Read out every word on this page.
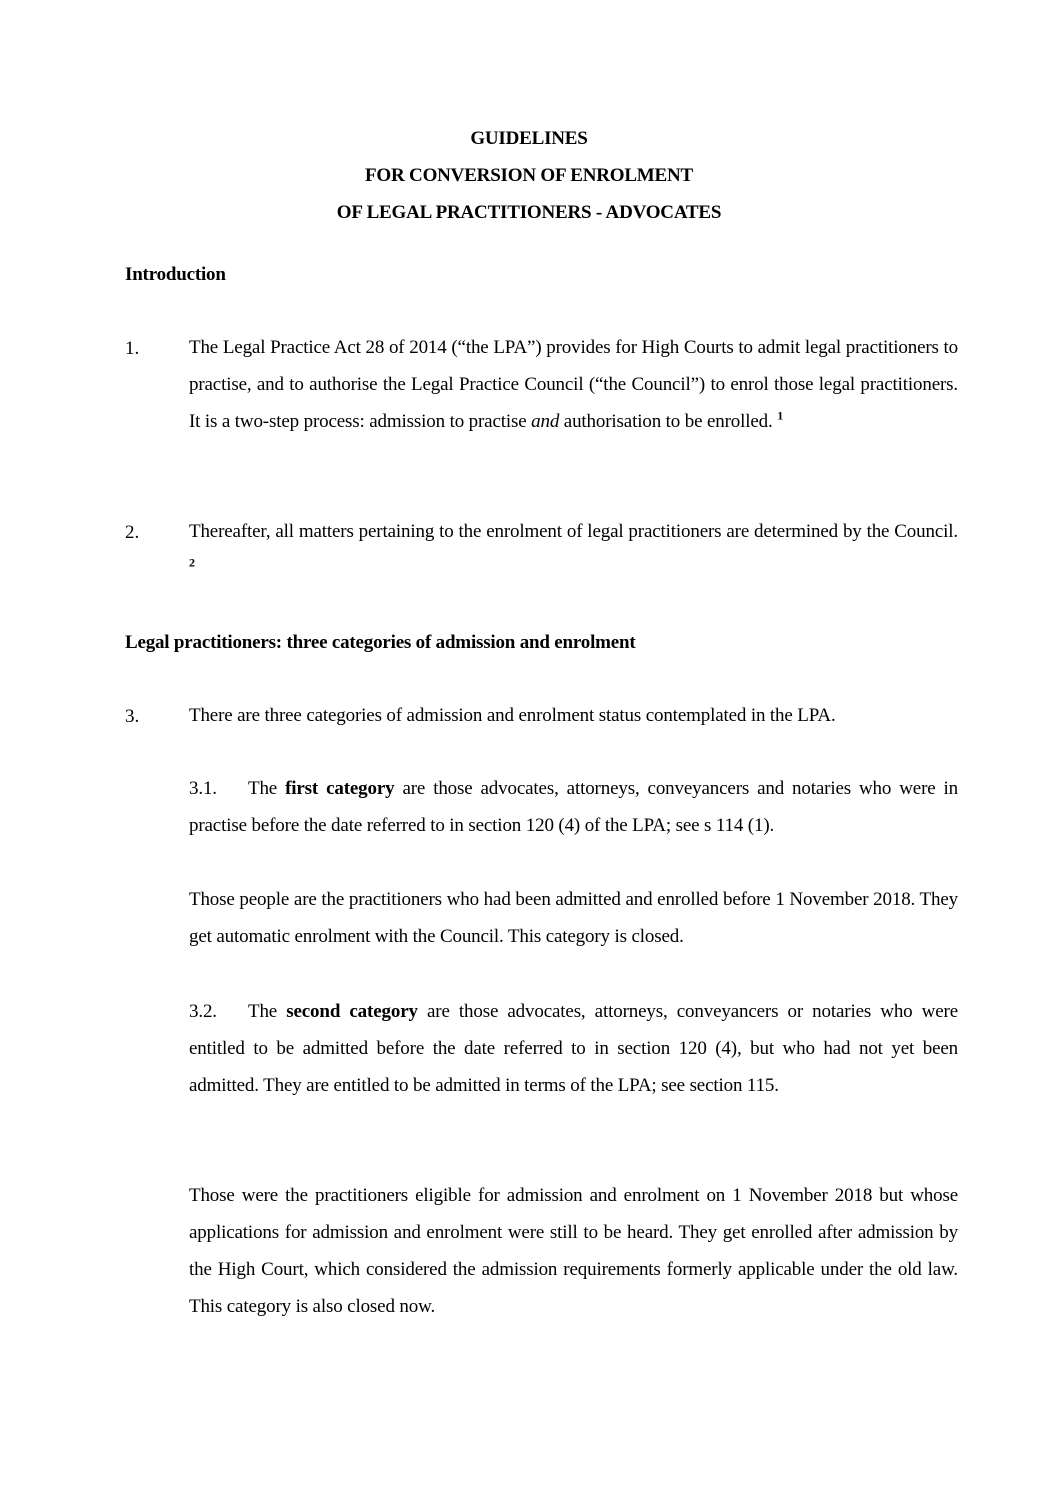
GUIDELINES
FOR CONVERSION OF ENROLMENT
OF LEGAL PRACTITIONERS - ADVOCATES
Introduction
1.	The Legal Practice Act 28 of 2014 (“the LPA”) provides for High Courts to admit legal practitioners to practise, and to authorise the Legal Practice Council (“the Council”) to enrol those legal practitioners. It is a two-step process: admission to practise and authorisation to be enrolled. $^1$
2.	Thereafter, all matters pertaining to the enrolment of legal practitioners are determined by the Council. $^2$
Legal practitioners: three categories of admission and enrolment
3.	There are three categories of admission and enrolment status contemplated in the LPA.
3.1. The first category are those advocates, attorneys, conveyancers and notaries who were in practise before the date referred to in section 120 (4) of the LPA; see s 114 (1).
Those people are the practitioners who had been admitted and enrolled before 1 November 2018. They get automatic enrolment with the Council. This category is closed.
3.2. The second category are those advocates, attorneys, conveyancers or notaries who were entitled to be admitted before the date referred to in section 120 (4), but who had not yet been admitted. They are entitled to be admitted in terms of the LPA; see section 115.
Those were the practitioners eligible for admission and enrolment on 1 November 2018 but whose applications for admission and enrolment were still to be heard. They get enrolled after admission by the High Court, which considered the admission requirements formerly applicable under the old law. This category is also closed now.
